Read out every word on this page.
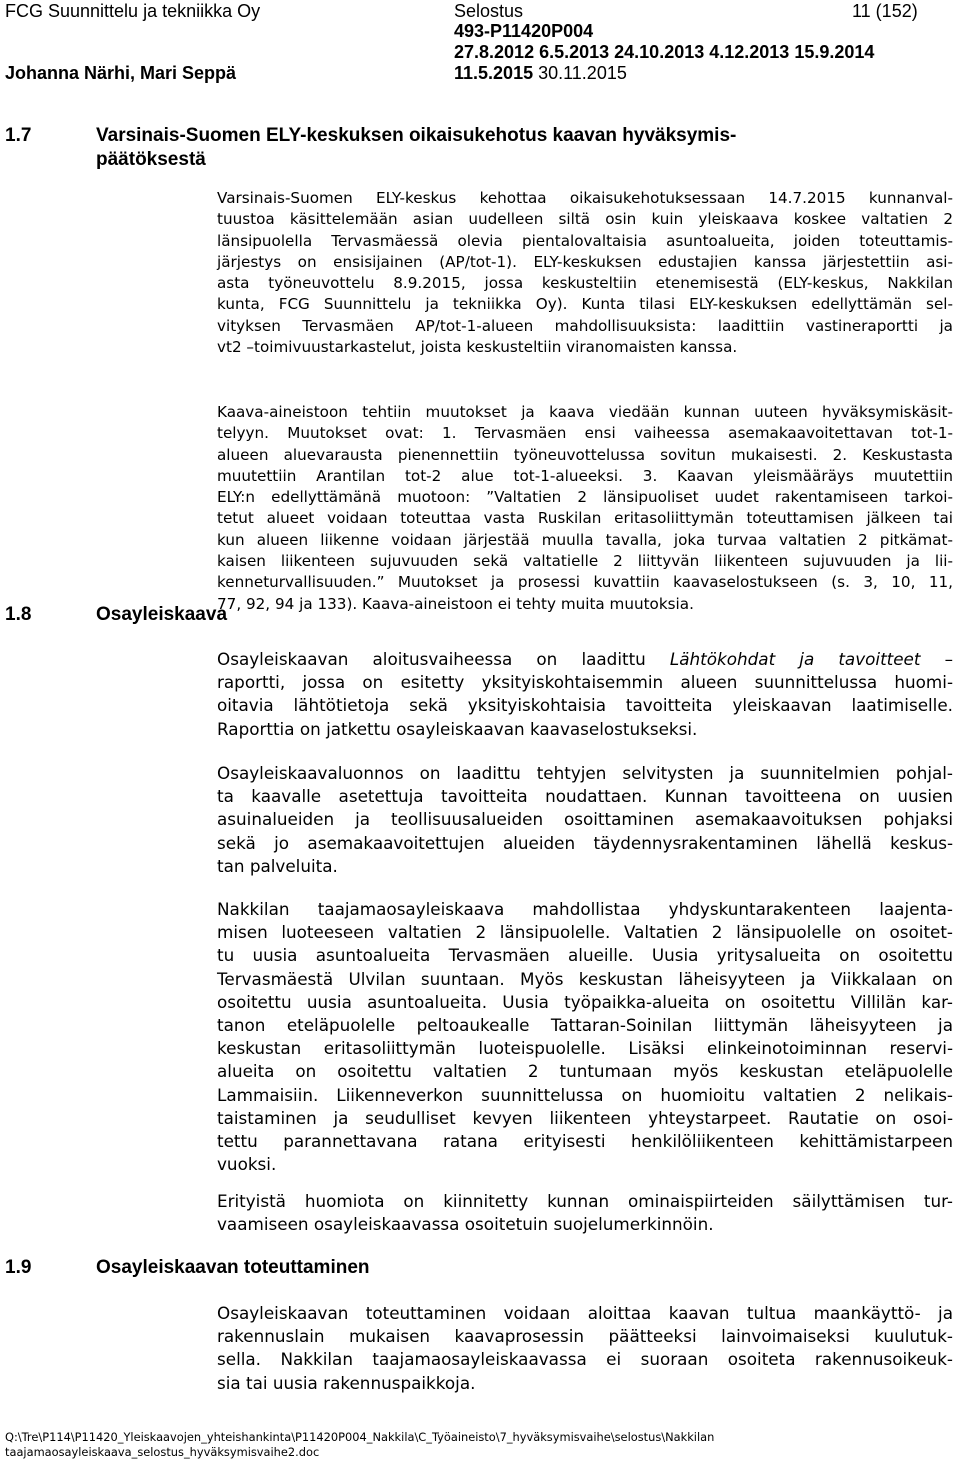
FCG Suunnittelu ja tekniikka Oy
Johanna Närhi, Mari Seppä
Selostus
493-P11420P004
27.8.2012 6.5.2013 24.10.2013 4.12.2013 15.9.2014
11.5.2015 30.11.2015
11 (152)
1.7	Varsinais-Suomen ELY-keskuksen oikaisukehotus kaavan hyväksymis-
päätöksestä
Varsinais-Suomen ELY-keskus kehottaa oikaisukehotuksessaan 14.7.2015 kunnanval-
tuustoa käsittelemään asian uudelleen siltä osin kuin yleiskaava koskee valtatien 2
länsipuolella Tervasmäessä olevia pientalovaltaisia asuntoalueita, joiden toteuttamis-
järjestys on ensisijainen (AP/tot-1). ELY-keskuksen edustajien kanssa järjestettiin asi-
asta työneuvottelu 8.9.2015, jossa keskusteltiin etenemisestä (ELY-keskus, Nakkilan
kunta, FCG Suunnittelu ja tekniikka Oy). Kunta tilasi ELY-keskuksen edellyttämän sel-
vityksen Tervasmäen AP/tot-1-alueen mahdollisuuksista: laadittiin vastineraportti ja
vt2 –toimivuustarkastelut, joista keskusteltiin viranomaisten kanssa.
Kaava-aineistoon tehtiin muutokset ja kaava viedään kunnan uuteen hyväksymiskäsit-
telyyn. Muutokset ovat: 1. Tervasmäen ensi vaiheessa asemakaavoitettavan tot-1-
alueen aluevarausta pienennettiin työneuvottelussa sovitun mukaisesti. 2. Keskustasta
muutettiin Arantilan tot-2 alue tot-1-alueeksi. 3. Kaavan yleismääräys muutettiin
ELY:n edellyttämänä muotoon: ”Valtatien 2 länsipuoliset uudet rakentamiseen tarkoi-
tetut alueet voidaan toteuttaa vasta Ruskilan eritasoliittymän toteuttamisen jälkeen tai
kun alueen liikenne voidaan järjestää muulla tavalla, joka turvaa valtatien 2 pitkämat-
kaisen liikenteen sujuvuuden sekä valtatielle 2 liittyvän liikenteen sujuvuuden ja lii-
kenneturvallisuuden.” Muutokset ja prosessi kuvattiin kaavaselostukseen (s. 3, 10, 11,
77, 92, 94 ja 133). Kaava-aineistoon ei tehty muita muutoksia.
1.8	Osayleiskaava
Osayleiskaavan aloitusvaiheessa on laadittu Lähtökohdat ja tavoitteet –
raportti, jossa on esitetty yksityiskohtaisemmin alueen suunnittelussa huomi-
oitavia lähtötietoja sekä yksityiskohtaisia tavoitteita yleiskaavan laatimiselle.
Raporttia on jatkettu osayleiskaavan kaavaselostukseksi.
Osayleiskaavaluonnos on laadittu tehtyjen selvitysten ja suunnitelmien pohjal-
ta kaavalle asetettuja tavoitteita noudattaen. Kunnan tavoitteena on uusien
asuinalueiden ja teollisuusalueiden osoittaminen asemakaavoituksen pohjaksi
sekä jo asemakaavoitettujen alueiden täydennysrakentaminen lähellä keskus-
tan palveluita.
Nakkilan taajamaosayleiskaava mahdollistaa yhdyskuntarakenteen laajenta-
misen luoteeseen valtatien 2 länsipuolelle. Valtatien 2 länsipuolelle on osoitet-
tu uusia asuntoalueita Tervasmäen alueille. Uusia yritysalueita on osoitettu
Tervasmäestä Ulvilan suuntaan. Myös keskustan läheisyyteen ja Viikkalaan on
osoitettu uusia asuntoalueita. Uusia työpaikka-alueita on osoitettu Villilän kar-
tanon eteläpuolelle peltoaukealle Tattaran-Soinilan liittymän läheisyyteen ja
keskustan eritasoliittymän luoteispuolelle. Lisäksi elinkeinotoiminnan reservi-
alueita on osoitettu valtatien 2 tuntumaan myös keskustan eteläpuolelle
Lammaisiin. Liikenneverkon suunnittelussa on huomioitu valtatien 2 nelikais-
taistaminen ja seudulliset kevyen liikenteen yhteystarpeet. Rautatie on osoi-
tettu parannettavana ratana erityisesti henkilöliikenteen kehittämistarpeen
vuoksi.
Erityistä huomiota on kiinnitetty kunnan ominaispiirteiden säilyttämisen tur-
vaamiseen osayleiskaavassa osoitetuin suojelumerkinnöin.
1.9	Osayleiskaavan toteuttaminen
Osayleiskaavan toteuttaminen voidaan aloittaa kaavan tultua maankäyttö- ja
rakennuslain mukaisen kaavaprosessin päätteeksi lainvoimaiseksi kuulutuk-
sella. Nakkilan taajamaosayleiskaavassa ei suoraan osoiteta rakennusoikeuk-
sia tai uusia rakennuspaikkoja.
Q:\Tre\P114\P11420_Yleiskaavojen_yhteishankinta\P11420P004_Nakkila\C_Työaineisto\7_hyväksymisvaihe\selostus\Nakkilan
taajamaosayleiskaava_selostus_hyväksymisvaihe2.doc
